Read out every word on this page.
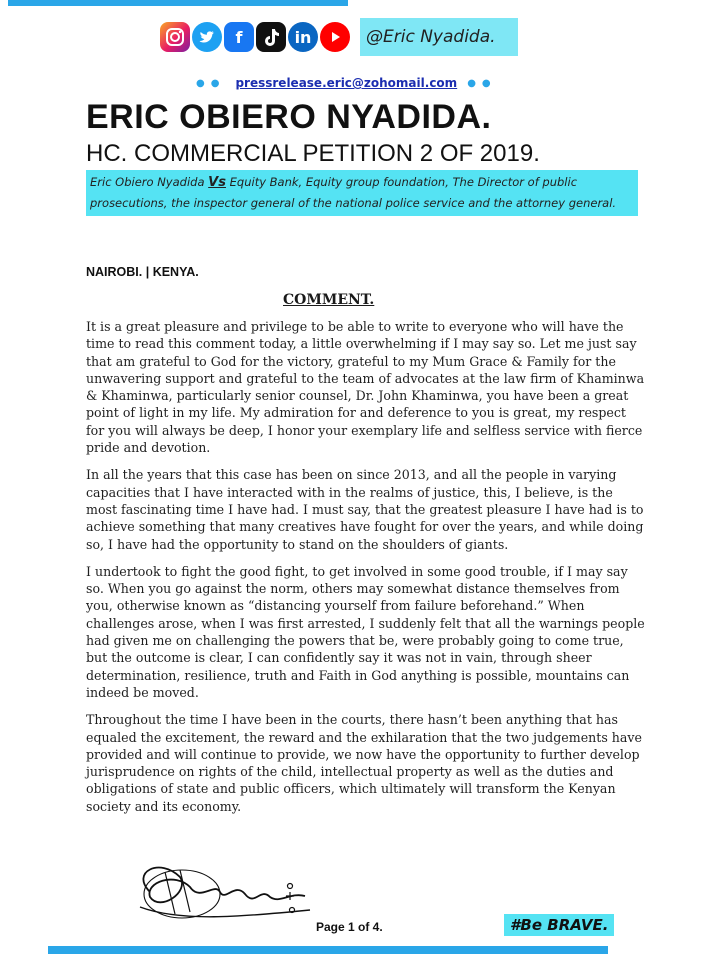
f	in	@Eric Nyadida.
●● pressrelease.eric@zohomail.com ●●
ERIC OBIERO NYADIDA.
HC. COMMERCIAL PETITION 2 OF 2019.
Eric Obiero Nyadida Vs Equity Bank, Equity group foundation, The Director of public prosecutions, the inspector general of the national police service and the attorney general.
NAIROBI. | KENYA.
COMMENT.

It is a great pleasure and privilege to be able to write to everyone who will have the time to read this comment today, a little overwhelming if I may say so. Let me just say that am grateful to God for the victory, grateful to my Mum Grace & Family for the unwavering support and grateful to the team of advocates at the law firm of Khaminwa & Khaminwa, particularly senior counsel, Dr. John Khaminwa, you have been a great point of light in my life. My admiration for and deference to you is great, my respect for you will always be deep, I honor your exemplary life and selfless service with fierce pride and devotion.

In all the years that this case has been on since 2013, and all the people in varying capacities that I have interacted with in the realms of justice, this, I believe, is the most fascinating time I have had. I must say, that the greatest pleasure I have had is to achieve something that many creatives have fought for over the years, and while doing so, I have had the opportunity to stand on the shoulders of giants.

I undertook to fight the good fight, to get involved in some good trouble, if I may say so. When you go against the norm, others may somewhat distance themselves from you, otherwise known as “distancing yourself from failure beforehand.” When challenges arose, when I was first arrested, I suddenly felt that all the warnings people had given me on challenging the powers that be, were probably going to come true, but the outcome is clear, I can confidently say it was not in vain, through sheer determination, resilience, truth and Faith in God anything is possible, mountains can indeed be moved.

Throughout the time I have been in the courts, there hasn’t been anything that has equaled the excitement, the reward and the exhilaration that the two judgements have provided and will continue to provide, we now have the opportunity to further develop jurisprudence on rights of the child, intellectual property as well as the duties and obligations of state and public officers, which ultimately will transform the Kenyan society and its economy.

Page 1 of 4.	#Be BRAVE.
